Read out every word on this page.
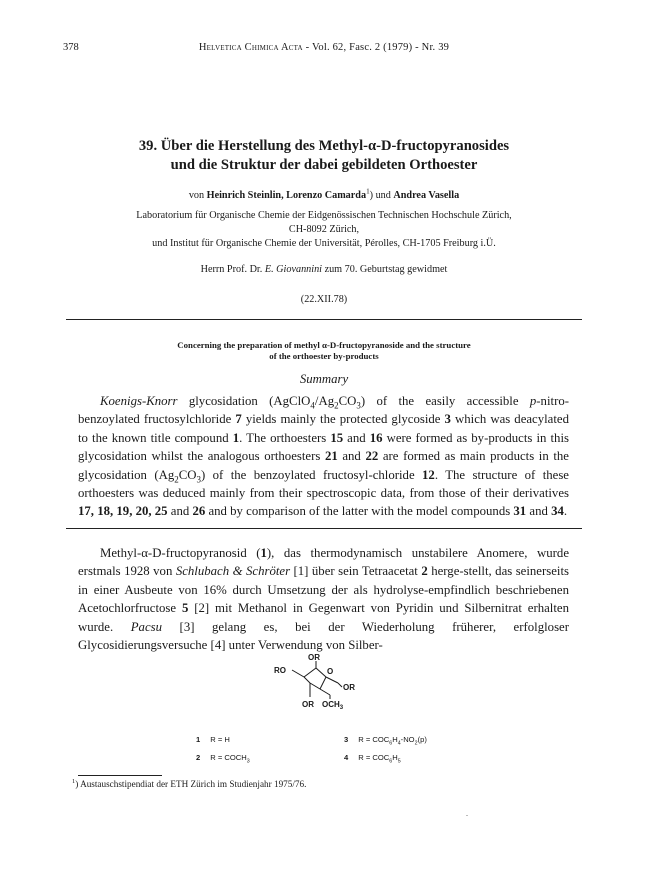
378	Helvetica Chimica Acta - Vol. 62, Fasc. 2 (1979) - Nr. 39
39. Über die Herstellung des Methyl-α-D-fructopyranosides
und die Struktur der dabei gebildeten Orthoester
von Heinrich Steinlin, Lorenzo Camarda$^1$) und Andrea Vasella
Laboratorium für Organische Chemie der Eidgenössischen Technischen Hochschule Zürich,
CH-8092 Zürich,
und Institut für Organische Chemie der Universität, Pérolles, CH-1705 Freiburg i.Ü.
Herrn Prof. Dr. E. Giovannini zum 70. Geburtstag gewidmet
(22.XII.78)
Concerning the preparation of methyl α-D-fructopyranoside and the structure
of the orthoester by-products
Summary

Koenigs-Knorr glycosidation $(AgClO_4/Ag_2CO_3)$ of the easily accessible p-nitro-benzoylated fructosylchloride 7 yields mainly the protected glycoside 3 which was deacylated to the known title compound 1. The orthoesters 15 and 16 were formed as by-products in this glycosidation whilst the analogous orthoesters 21 and 22 are formed as main products in the glycosidation $(Ag_2CO_3)$ of the benzoylated fructosyl-chloride 12. The structure of these orthoesters was deduced mainly from their spectroscopic data, from those of their derivatives 17, 18, 19, 20, 25 and 26 and by comparison of the latter with the model compounds 31 and 34.

Methyl-α-D-fructopyranosid (1), das thermodynamisch unstabilere Anomere, wurde erstmals 1928 von Schlubach & Schröter [1] über sein Tetraacetat 2 herge-stellt, das seinerseits in einer Ausbeute von 16% durch Umsetzung der als hydrolyse-empfindlich beschriebenen Acetochlorfructose 5 [2] mit Methanol in Gegenwart von Pyridin und Silbernitrat erhalten wurde. Pacsu [3] gelang es, bei der Wiederholung früherer, erfolgloser Glycosidierungsversuche [4] unter Verwendung von Silber-

OR
RO	O
OR
OR $OCH_3$
1 R = H
2 $R = COCH_3$
3 $R = COC_6H_4-NO_2(p)$
4 $R = COC_6H_5$
$^1$) Austauschstipendiat der ETH Zürich im Studienjahr 1975/76.
